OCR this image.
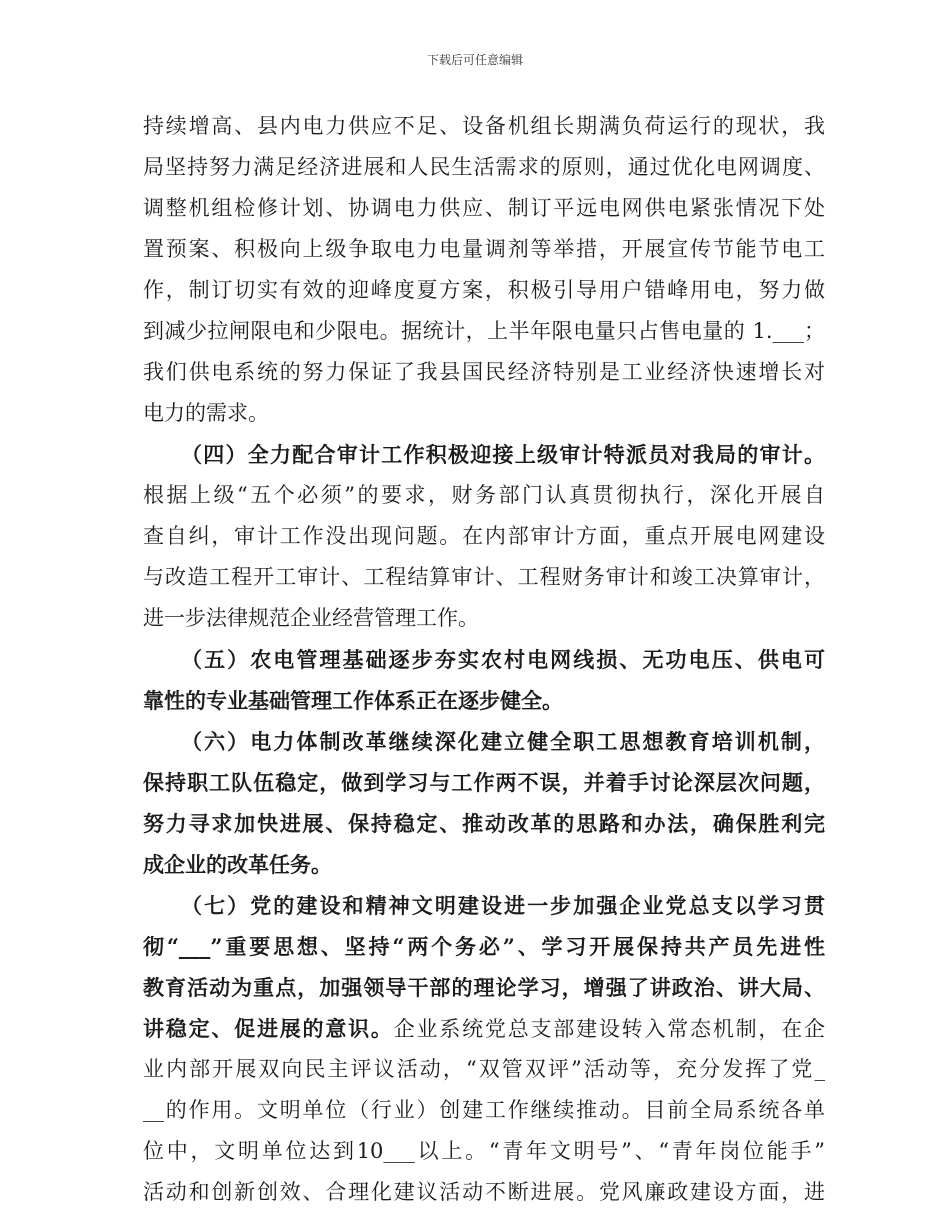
下载后可任意编辑
持续增高、县内电力供应不足、设备机组长期满负荷运行的现状，我
局坚持努力满足经济进展和人民生活需求的原则，通过优化电网调度、
调整机组检修计划、协调电力供应、制订平远电网供电紧张情况下处
置预案、积极向上级争取电力电量调剂等举措，开展宣传节能节电工
作，制订切实有效的迎峰度夏方案，积极引导用户错峰用电，努力做
到减少拉闸限电和少限电。据统计，上半年限电量只占售电量的 1.___；
我们供电系统的努力保证了我县国民经济特别是工业经济快速增长对
电力的需求。
（四）全力配合审计工作积极迎接上级审计特派员对我局的审计。
根据上级“五个必须”的要求，财务部门认真贯彻执行，深化开展自
查自纠，审计工作没出现问题。在内部审计方面，重点开展电网建设
与改造工程开工审计、工程结算审计、工程财务审计和竣工决算审计，
进一步法律规范企业经营管理工作。
（五）农电管理基础逐步夯实农村电网线损、无功电压、供电可
靠性的专业基础管理工作体系正在逐步健全。
（六）电力体制改革继续深化建立健全职工思想教育培训机制，
保持职工队伍稳定，做到学习与工作两不误，并着手讨论深层次问题，
努力寻求加快进展、保持稳定、推动改革的思路和办法，确保胜利完
成企业的改革任务。
（七）党的建设和精神文明建设进一步加强企业党总支以学习贯
彻“___”重要思想、坚持“两个务必”、学习开展保持共产员先进性
教育活动为重点，加强领导干部的理论学习，增强了讲政治、讲大局、
讲稳定、促进展的意识。企业系统党总支部建设转入常态机制，在企
业内部开展双向民主评议活动，“双管双评”活动等，充分发挥了党_
__的作用。文明单位（行业）创建工作继续推动。目前全局系统各单
位中，文明单位达到10___以上。“青年文明号”、“青年岗位能手”
活动和创新创效、合理化建议活动不断进展。党风廉政建设方面，进
